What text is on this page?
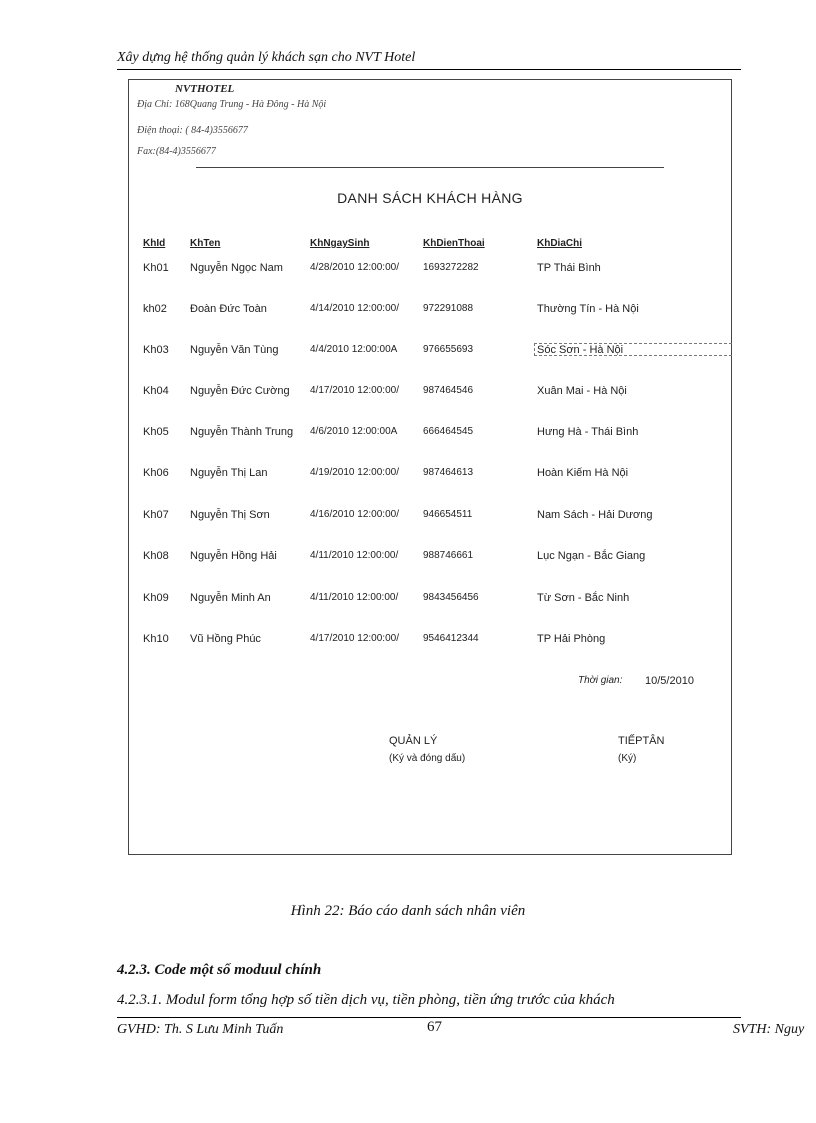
Xây dựng hệ thống quản lý khách sạn cho NVT Hotel
NVTHOTEL
Địa Chỉ: 168Quang Trung - Hà Đông - Hà Nội
Điện thoại: ( 84-4)3556677
Fax:(84-4)3556677
DANH SÁCH KHÁCH HÀNG
KhId KhTen	KhNgaySinh	KhDienThoai	KhDiaChi
Kh01 Nguyễn Ngọc Nam	4/28/2010 12:00:00/ 1693272282	TP Thái Bình
kh02 Đoàn Đức Toàn	4/14/2010 12:00:00/ 972291088	Thường Tín - Hà Nội
Kh03 Nguyễn Văn Tùng	4/4/2010 12:00:00A	976655693	Sóc Sơn - Hà Nội
Kh04 Nguyễn Đức Cường 4/17/2010 12:00:00/ 987464546	Xuân Mai - Hà Nội
Kh05 Nguyễn Thành Trung 4/6/2010 12:00:00A	666464545	Hưng Hà - Thái Bình
Kh06 Nguyễn Thị Lan	4/19/2010 12:00:00/ 987464613	Hoàn Kiếm Hà Nội
Kh07 Nguyễn Thị Sơn	4/16/2010 12:00:00/ 946654511	Nam Sách - Hải Dương
Kh08 Nguyễn Hồng Hải	4/11/2010 12:00:00/ 988746661	Lục Ngạn - Bắc Giang
Kh09 Nguyễn Minh An	4/11/2010 12:00:00/ 9843456456	Từ Sơn - Bắc Ninh
Kh10 Vũ Hồng Phúc	4/17/2010 12:00:00/ 9546412344	TP Hải Phòng
Thời gian: 10/5/2010
QUẢN LÝ
(Ký và đóng dấu)
TIẾPTÂN
(Ký)
Hình 22: Báo cáo danh sách nhân viên
4.2.3. Code một số moduul chính
4.2.3.1. Modul form tổng hợp số tiền dịch vụ, tiền phòng, tiền ứng trước của khách
GVHD: Th. S Lưu Minh Tuấn	67	SVTH: Nguy
